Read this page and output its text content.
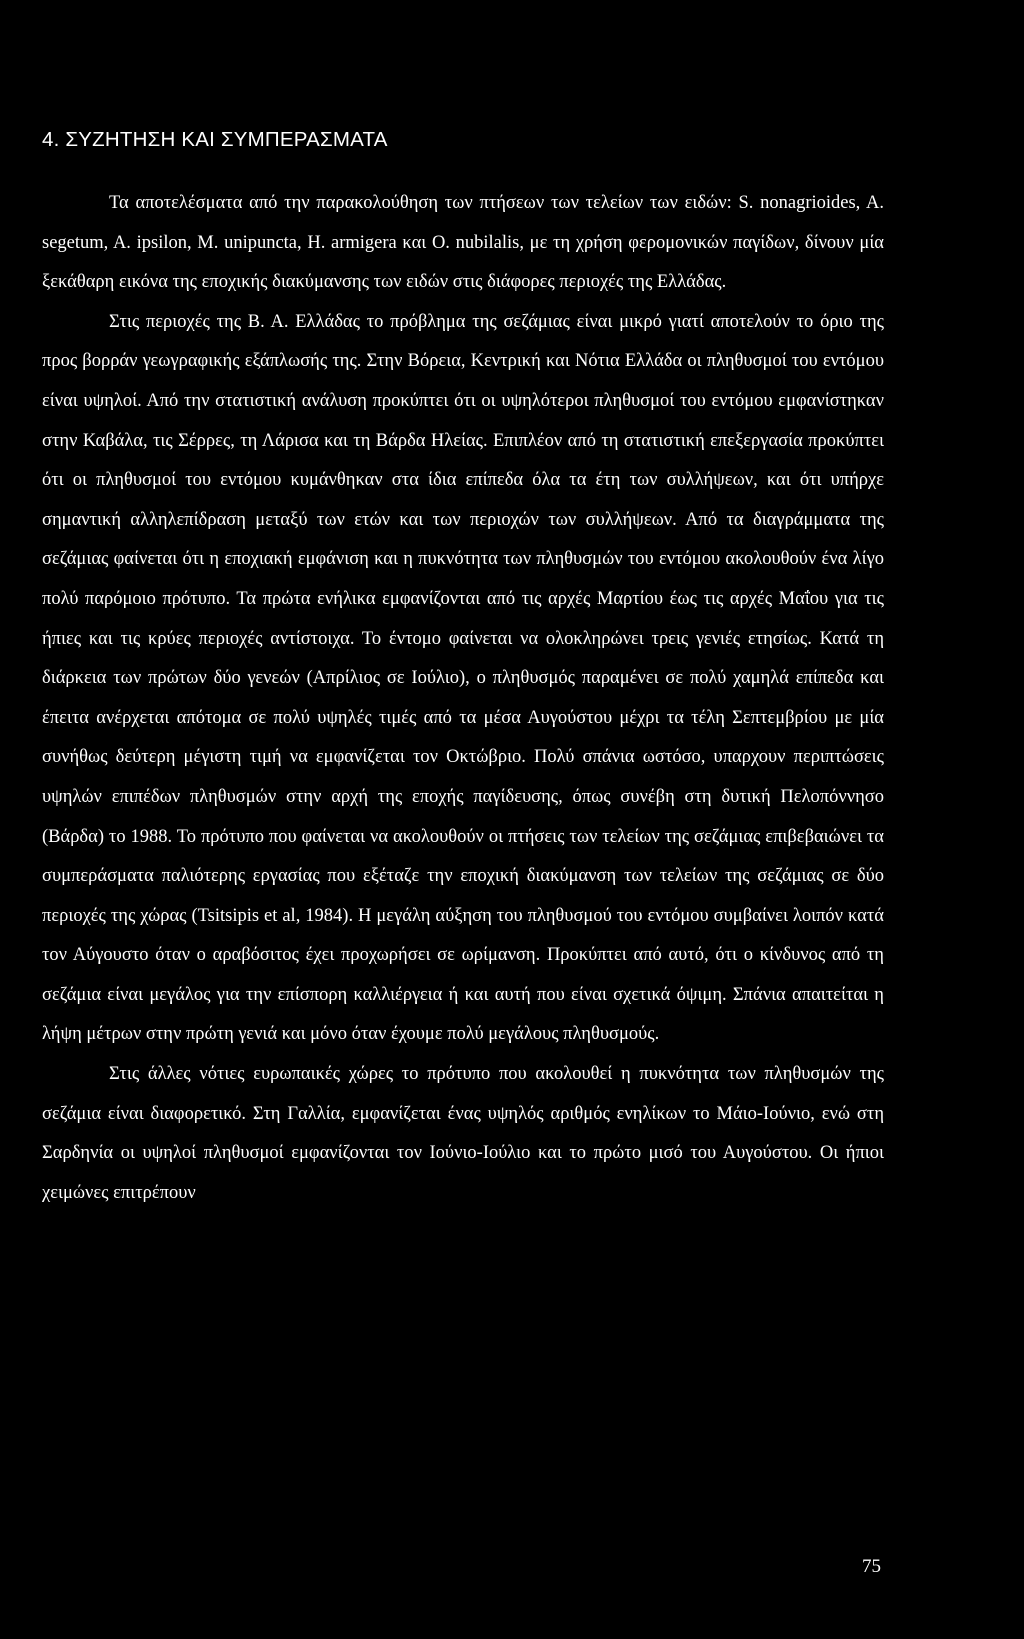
4. ΣΥΖΗΤΗΣΗ ΚΑΙ ΣΥΜΠΕΡΑΣΜΑΤΑ

Τα αποτελέσματα από την παρακολούθηση των πτήσεων των τελείων των ειδών: S. nonagrioides, A. segetum, A. ipsilon, M. unipuncta, H. armigera και O. nubilalis, με τη χρήση φερομονικών παγίδων, δίνουν μία ξεκάθαρη εικόνα της εποχικής διακύμανσης των ειδών στις διάφορες περιοχές της Ελλάδας.

Στις περιοχές της Β. Α. Ελλάδας το πρόβλημα της σεζάμιας είναι μικρό γιατί αποτελούν το όριο της προς βορράν γεωγραφικής εξάπλωσής της. Στην Βόρεια, Κεντρική και Νότια Ελλάδα οι πληθυσμοί του εντόμου είναι υψηλοί. Από την στατιστική ανάλυση προκύπτει ότι οι υψηλότεροι πληθυσμοί του εντόμου εμφανίστηκαν στην Καβάλα, τις Σέρρες, τη Λάρισα και τη Βάρδα Ηλείας. Επιπλέον από τη στατιστική επεξεργασία προκύπτει ότι οι πληθυσμοί του εντόμου κυμάνθηκαν στα ίδια επίπεδα όλα τα έτη των συλλήψεων, και ότι υπήρχε σημαντική αλληλεπίδραση μεταξύ των ετών και των περιοχών των συλλήψεων. Από τα διαγράμματα της σεζάμιας φαίνεται ότι η εποχιακή εμφάνιση και η πυκνότητα των πληθυσμών του εντόμου ακολουθούν ένα λίγο πολύ παρόμοιο πρότυπο. Τα πρώτα ενήλικα εμφανίζονται από τις αρχές Μαρτίου έως τις αρχές Μαΐου για τις ήπιες και τις κρύες περιοχές αντίστοιχα. Το έντομο φαίνεται να ολοκληρώνει τρεις γενιές ετησίως. Κατά τη διάρκεια των πρώτων δύο γενεών (Απρίλιος σε Ιούλιο), ο πληθυσμός παραμένει σε πολύ χαμηλά επίπεδα και έπειτα ανέρχεται απότομα σε πολύ υψηλές τιμές από τα μέσα Αυγούστου μέχρι τα τέλη Σεπτεμβρίου με μία συνήθως δεύτερη μέγιστη τιμή να εμφανίζεται τον Οκτώβριο. Πολύ σπάνια ωστόσο, υπαρχουν περιπτώσεις υψηλών επιπέδων πληθυσμών στην αρχή της εποχής παγίδευσης, όπως συνέβη στη δυτική Πελοπόννησο (Βάρδα) το 1988. Το πρότυπο που φαίνεται να ακολουθούν οι πτήσεις των τελείων της σεζάμιας επιβεβαιώνει τα συμπεράσματα παλιότερης εργασίας που εξέταζε την εποχική διακύμανση των τελείων της σεζάμιας σε δύο περιοχές της χώρας (Tsitsipis et al, 1984). Η μεγάλη αύξηση του πληθυσμού του εντόμου συμβαίνει λοιπόν κατά τον Αύγουστο όταν ο αραβόσιτος έχει προχωρήσει σε ωρίμανση. Προκύπτει από αυτό, ότι ο κίνδυνος από τη σεζάμια είναι μεγάλος για την επίσπορη καλλιέργεια ή και αυτή που είναι σχετικά όψιμη. Σπάνια απαιτείται η λήψη μέτρων στην πρώτη γενιά και μόνο όταν έχουμε πολύ μεγάλους πληθυσμούς.

Στις άλλες νότιες ευρωπαικές χώρες το πρότυπο που ακολουθεί η πυκνότητα των πληθυσμών της σεζάμια είναι διαφορετικό. Στη Γαλλία, εμφανίζεται ένας υψηλός αριθμός ενηλίκων το Μάιο-Ιούνιο, ενώ στη Σαρδηνία οι υψηλοί πληθυσμοί εμφανίζονται τον Ιούνιο-Ιούλιο και το πρώτο μισό του Αυγούστου. Οι ήπιοι χειμώνες επιτρέπουν

75
